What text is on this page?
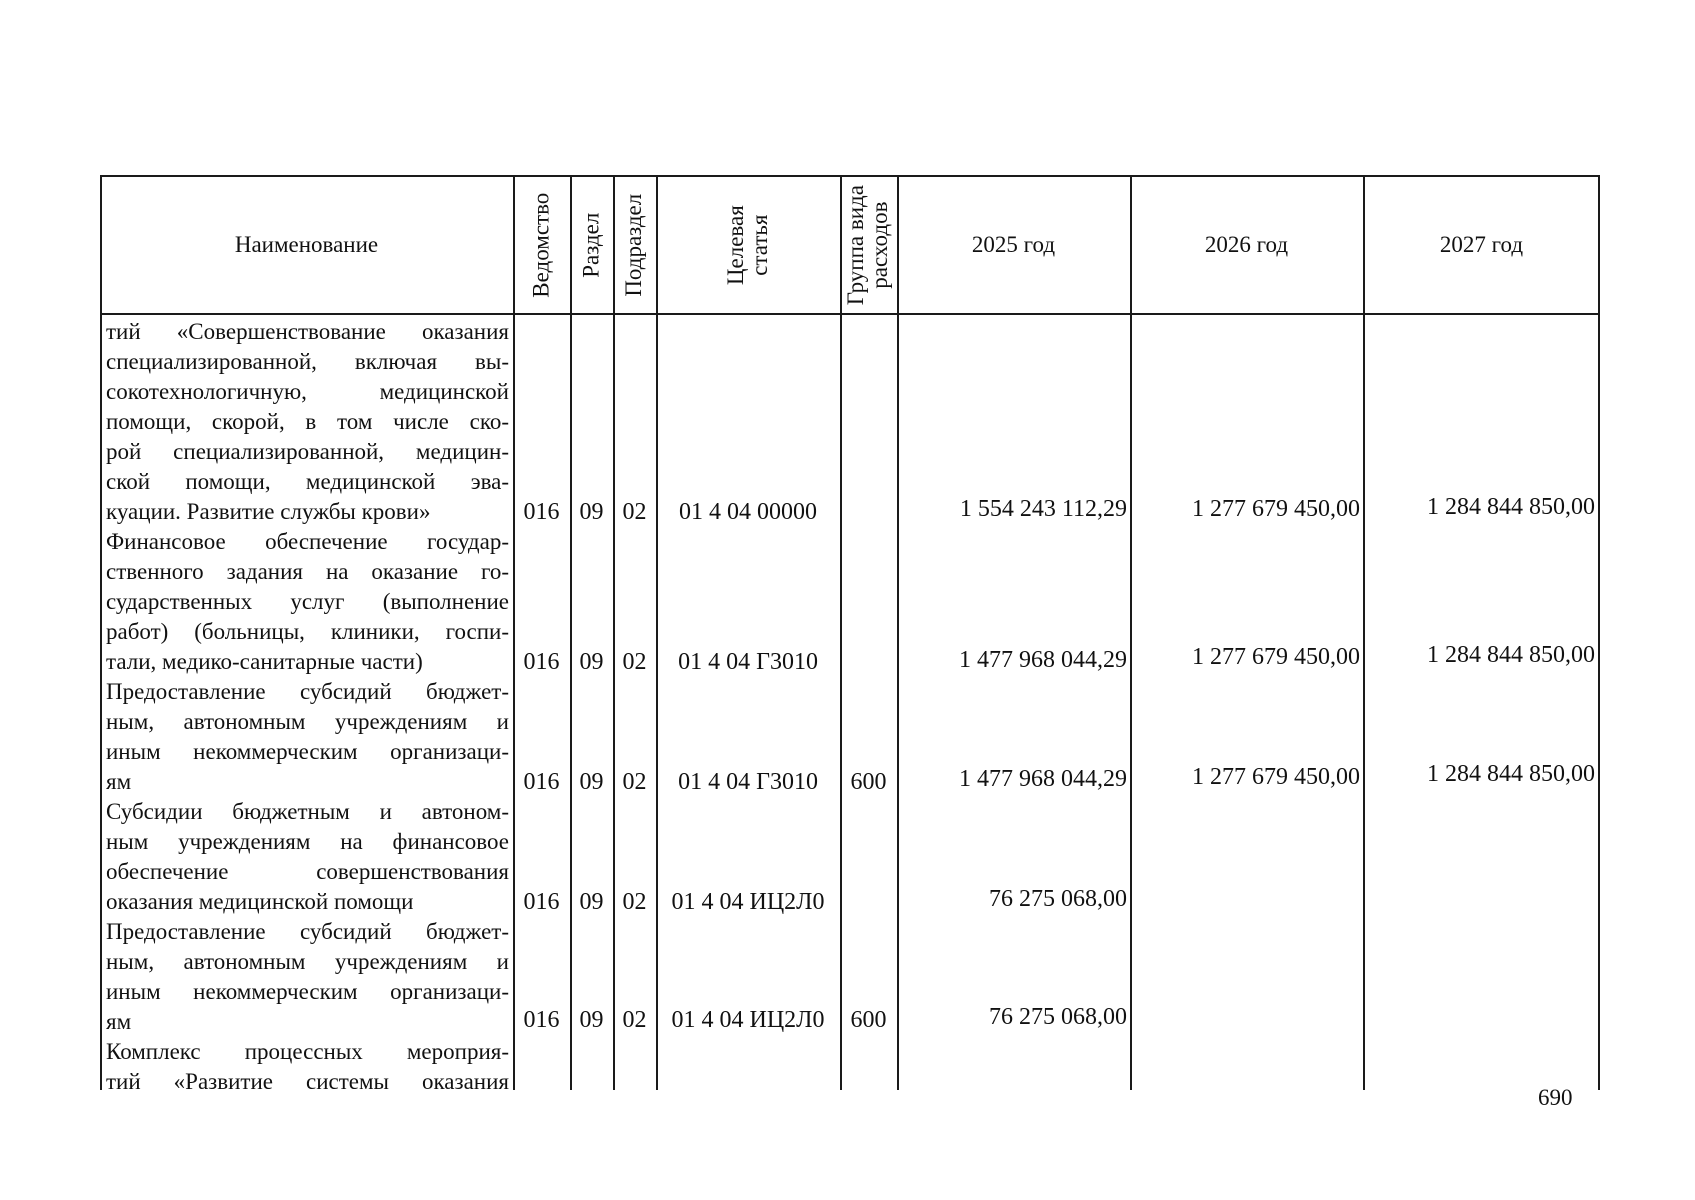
Наименование	Ведомство Раздел Подраздел	Целевая статья	Группа вида расходов	2025 год	2026 год	2027 год
тий «Совершенствование оказания
специализированной, включая вы-
сокотехнологичную, медицинской
помощи, скорой, в том числе ско-
рой специализированной, медицин-
ской помощи, медицинской эва-
куации. Развитие службы крови»	016 09 02	01 4 04 00000	1 554 243 112,29	1 277 679 450,00	1 284 844 850,00
Финансовое обеспечение государ-
ственного задания на оказание го-
сударственных услуг (выполнение
работ) (больницы, клиники, госпи-
тали, медико-санитарные части)	016 09 02	01 4 04 Г3010	1 477 968 044,29	1 277 679 450,00	1 284 844 850,00
Предоставление субсидий бюджет-
ным, автономным учреждениям и
иным некоммерческим организаци-
ям	016 09 02	01 4 04 Г3010	600	1 477 968 044,29	1 277 679 450,00	1 284 844 850,00
Субсидии бюджетным и автоном-
ным учреждениям на финансовое
обеспечение совершенствования
оказания медицинской помощи	016 09 02	01 4 04 ИЦ2Л0	76 275 068,00
Предоставление субсидий бюджет-
ным, автономным учреждениям и
иным некоммерческим организаци-
ям	016 09 02	01 4 04 ИЦ2Л0	600	76 275 068,00
Комплекс процессных мероприя-
тий «Развитие системы оказания
690
